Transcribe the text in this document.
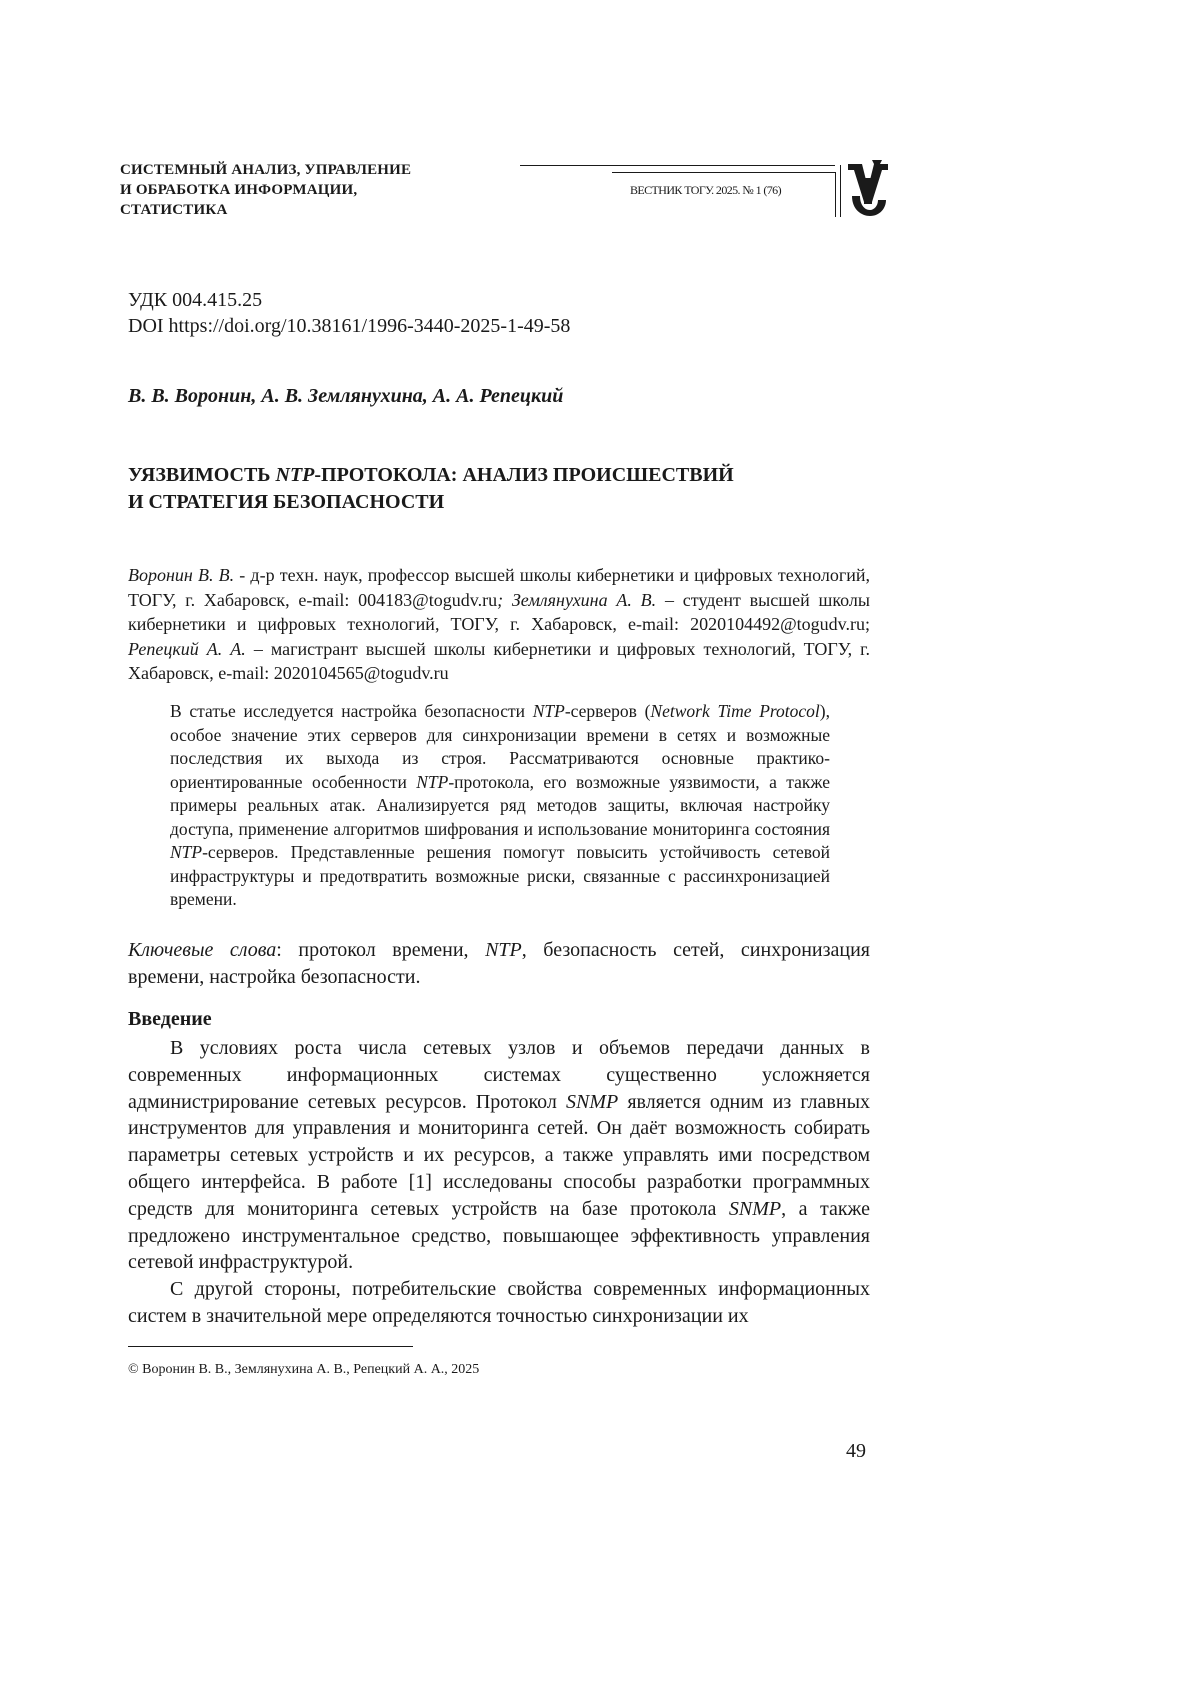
СИСТЕМНЫЙ АНАЛИЗ, УПРАВЛЕНИЕ
И ОБРАБОТКА ИНФОРМАЦИИ,
СТАТИСТИКА
ВЕСТНИК ТОГУ. 2025. № 1 (76)
УДК 004.415.25
DOI https://doi.org/10.38161/1996-3440-2025-1-49-58
В. В. Воронин, А. В. Землянухина, А. А. Репецкий
УЯЗВИМОСТЬ NTP-ПРОТОКОЛА: АНАЛИЗ ПРОИСШЕСТВИЙ
И СТРАТЕГИЯ БЕЗОПАСНОСТИ
Воронин В. В. - д-р техн. наук, профессор высшей школы кибернетики и цифровых технологий, ТОГУ, г. Хабаровск, e-mail: 004183@togudv.ru; Землянухина А. В. – студент высшей школы кибернетики и цифровых технологий, ТОГУ, г. Хабаровск, e-mail: 2020104492@togudv.ru; Репецкий А. А. – магистрант высшей школы кибернетики и цифровых технологий, ТОГУ, г. Хабаровск, e-mail: 2020104565@togudv.ru
В статье исследуется настройка безопасности NTP-серверов (Network Time Protocol), особое значение этих серверов для синхронизации времени в сетях и возможные последствия их выхода из строя. Рассматриваются основные практико-ориентированные особенности NTP-протокола, его возможные уязвимости, а также примеры реальных атак. Анализируется ряд методов защиты, включая настройку доступа, применение алгоритмов шифрования и использование мониторинга состояния NTP-серверов. Представленные решения помогут повысить устойчивость сетевой инфраструктуры и предотвратить возможные риски, связанные с рассинхронизацией времени.
Ключевые слова: протокол времени, NTP, безопасность сетей, синхронизация времени, настройка безопасности.
Введение

В условиях роста числа сетевых узлов и объемов передачи данных в современных информационных системах существенно усложняется администрирование сетевых ресурсов. Протокол SNMP является одним из главных инструментов для управления и мониторинга сетей. Он даёт возможность собирать параметры сетевых устройств и их ресурсов, а также управлять ими посредством общего интерфейса. В работе [1] исследованы способы разработки программных средств для мониторинга сетевых устройств на базе протокола SNMP, а также предложено инструментальное средство, повышающее эффективность управления сетевой инфраструктурой.

С другой стороны, потребительские свойства современных информационных систем в значительной мере определяются точностью синхронизации их

© Воронин В. В., Землянухина А. В., Репецкий А. А., 2025
49
